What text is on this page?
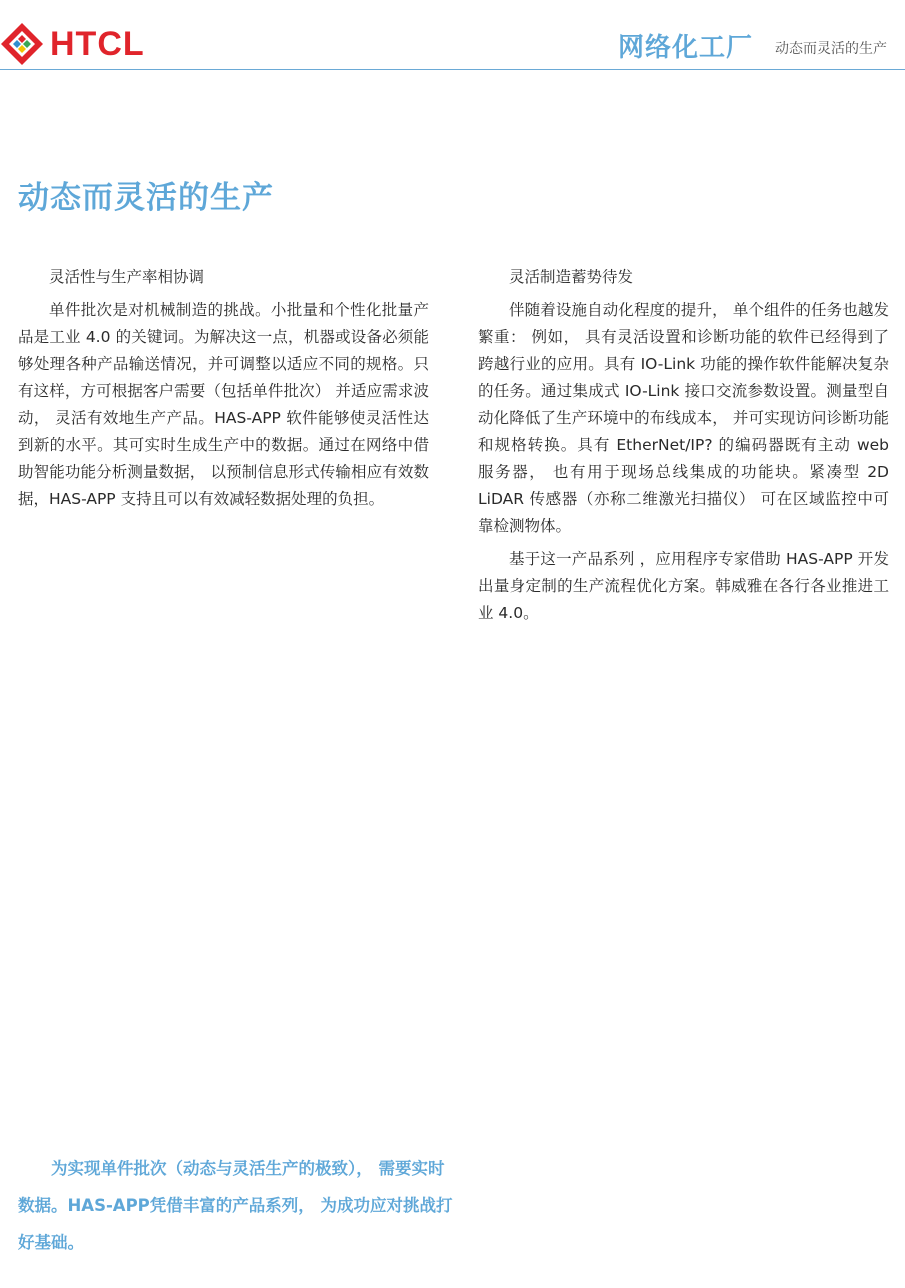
HTCL	网络化工厂 动态而灵活的生产
动态而灵活的生产
灵活性与生产率相协调

单件批次是对机械制造的挑战。小批量和个性化批量产品是工业 4.0 的关键词。为解决这一点，机器或设备必须能够处理各种产品输送情况，并可调整以适应不同的规格。只有这样，方可根据客户需要（包括单件批次） 并适应需求波动， 灵活有效地生产产品。HAS-APP 软件能够使灵活性达到新的水平。其可实时生成生产中的数据。通过在网络中借助智能功能分析测量数据， 以预制信息形式传输相应有效数据，HAS-APP 支持且可以有效减轻数据处理的负担。

灵活制造蓄势待发

伴随着设施自动化程度的提升， 单个组件的任务也越发繁重： 例如， 具有灵活设置和诊断功能的软件已经得到了跨越行业的应用。具有 IO-Link 功能的操作软件能解决复杂的任务。通过集成式 IO-Link 接口交流参数设置。测量型自动化降低了生产环境中的布线成本， 并可实现访问诊断功能和规格转换。具有 EtherNet/IP? 的编码器既有主动 web 服务器， 也有用于现场总线集成的功能块。紧凑型 2D LiDAR 传感器（亦称二维激光扫描仪） 可在区域监控中可靠检测物体。

基于这一产品系列 ，应用程序专家借助 HAS-APP 开发出量身定制的生产流程优化方案。韩威雅在各行各业推进工业 4.0。

为实现单件批次（动态与灵活生产的极致）， 需要实时数据。HAS-APP凭借丰富的产品系列， 为成功应对挑战打好基础。
